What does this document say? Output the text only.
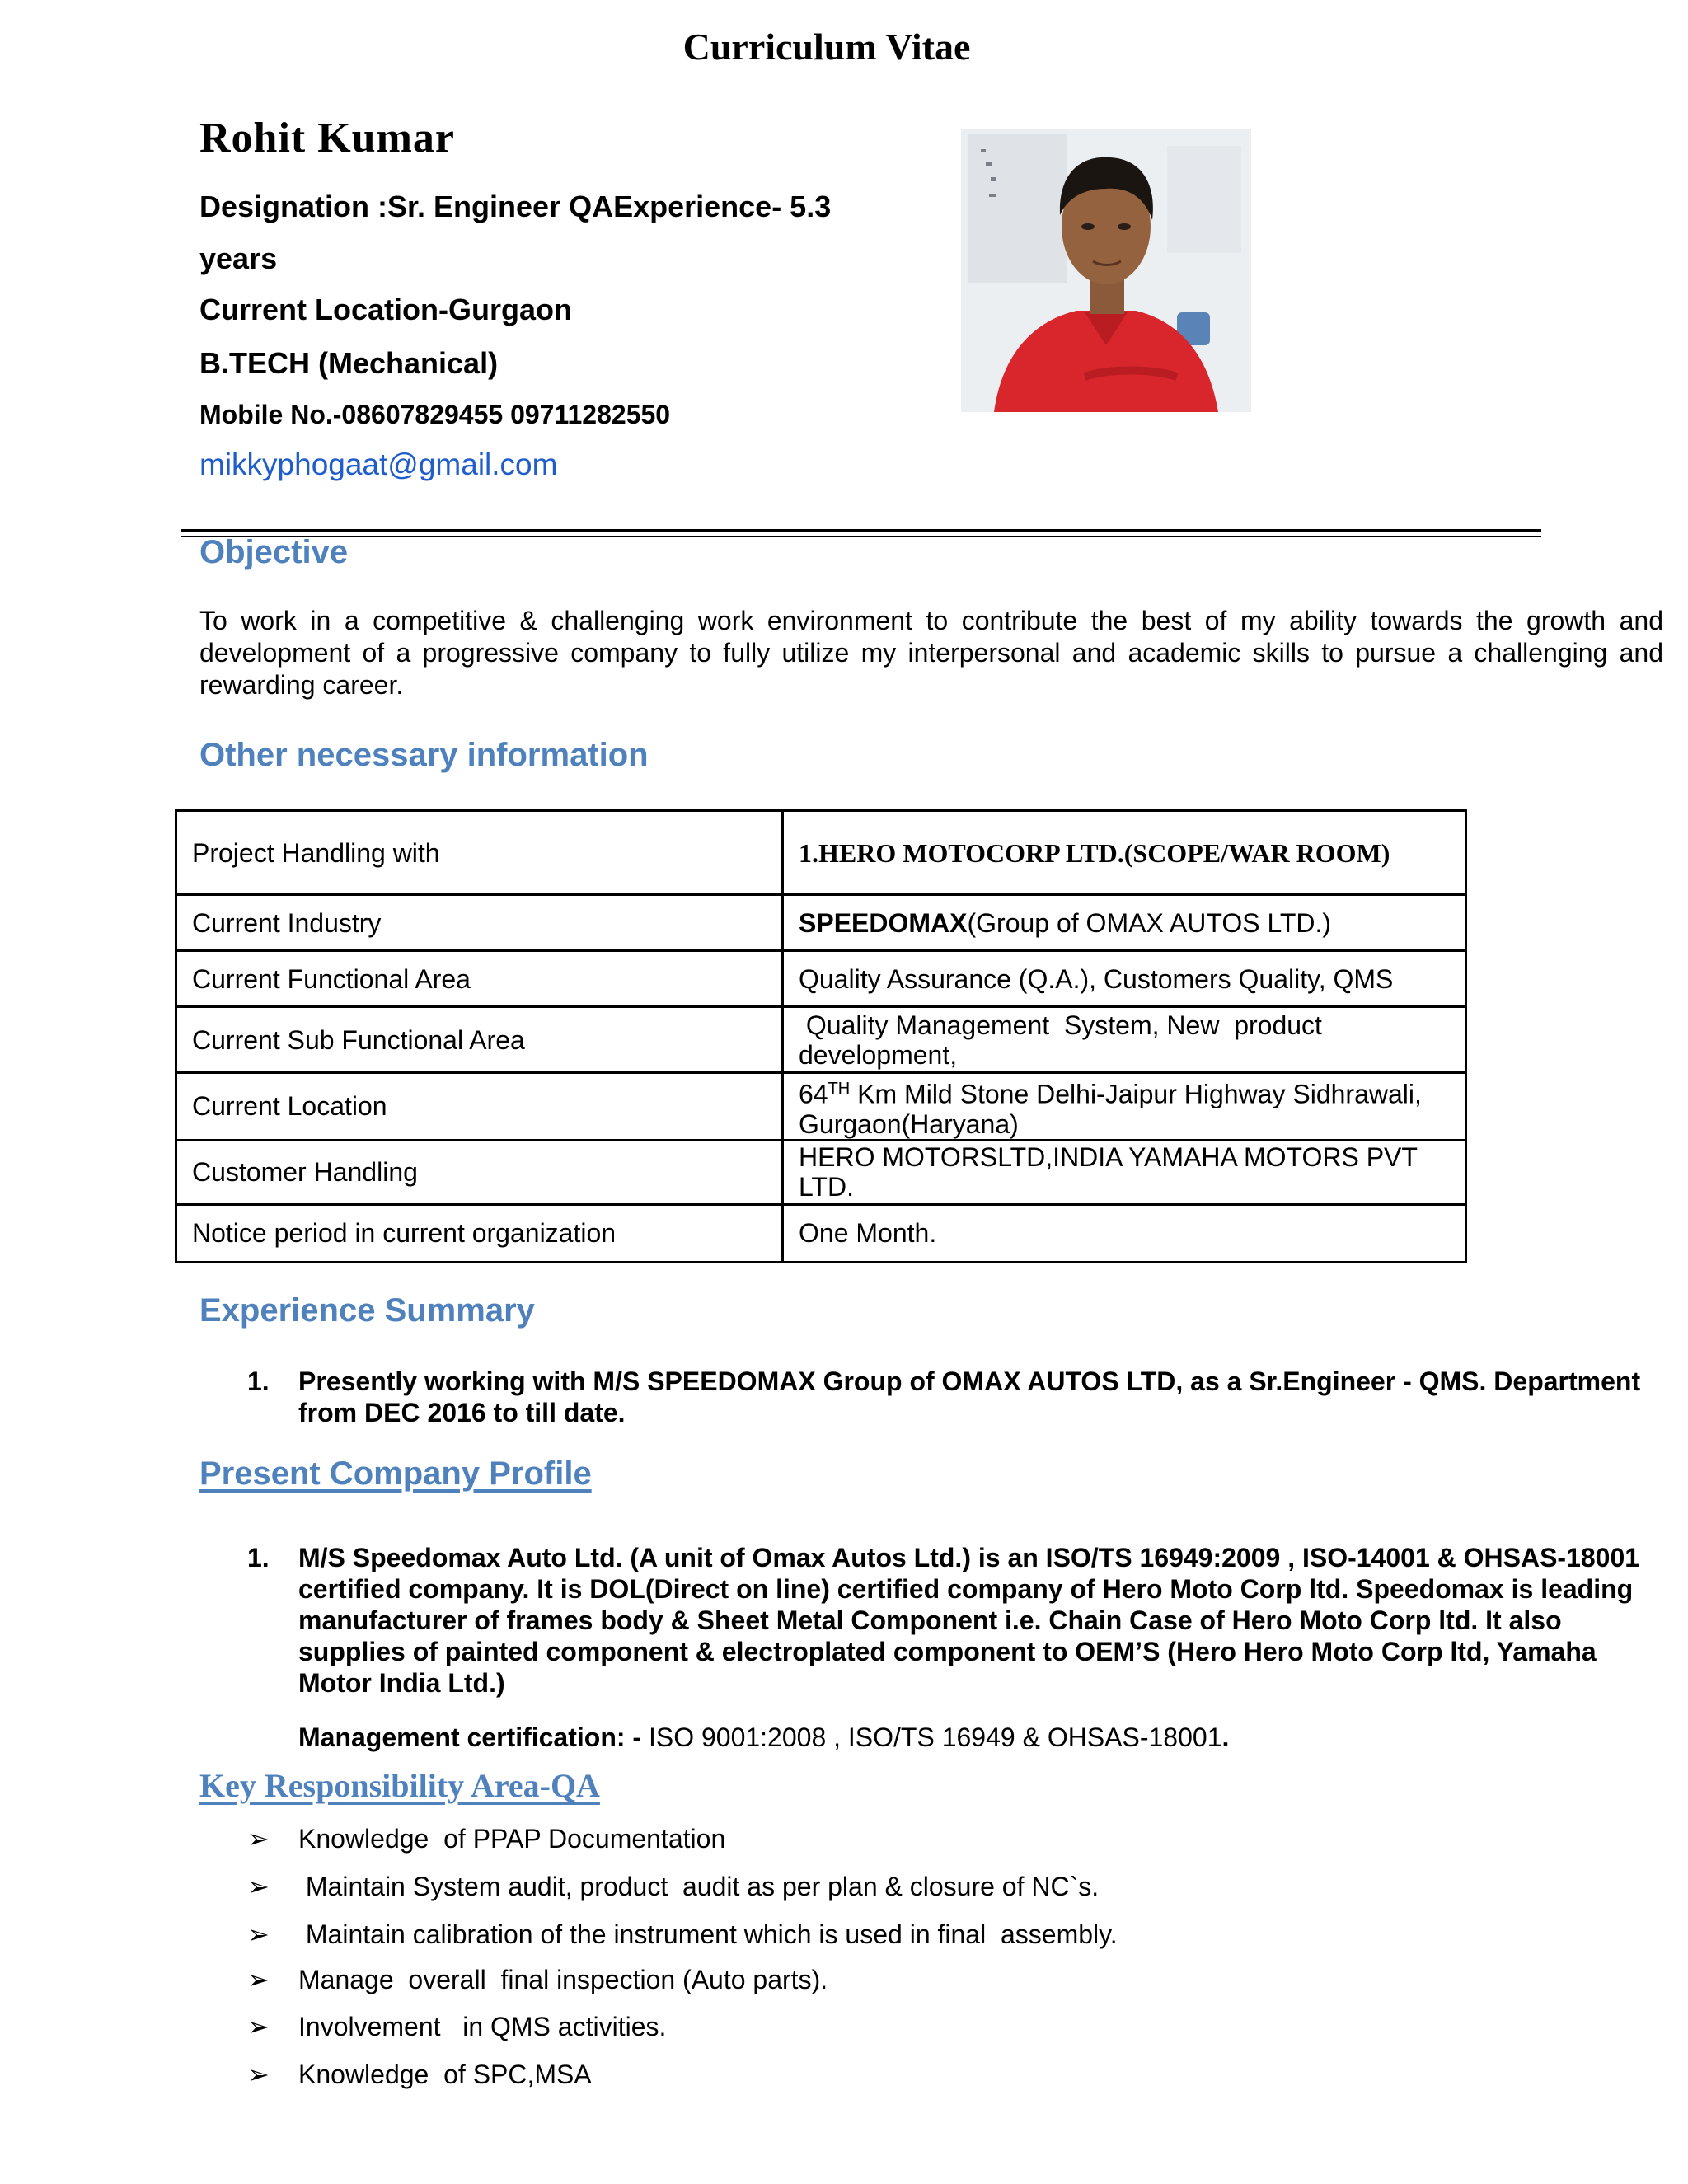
Curriculum Vitae
Rohit Kumar
Designation :Sr. Engineer QAExperience- 5.3
years
Current Location-Gurgaon
B.TECH (Mechanical)
Mobile No.-08607829455 09711282550
mikkyphogaat@gmail.com
Objective
To work in a competitive & challenging work environment to contribute the best of my ability towards the growth and development of a progressive company to fully utilize my interpersonal and academic skills to pursue a challenging and rewarding career.
Other necessary information
Project Handling with	1.HERO MOTOCORP LTD.(SCOPE/WAR ROOM)
Current Industry	SPEEDOMAX(Group of OMAX AUTOS LTD.)
Current Functional Area	Quality Assurance (Q.A.), Customers Quality, QMS
Current Sub Functional Area	Quality Management  System, New  product development,
Current Location	64TH Km Mild Stone Delhi-Jaipur Highway Sidhrawali, Gurgaon(Haryana)
Customer Handling	HERO MOTORSLTD,INDIA YAMAHA MOTORS PVT LTD.
Notice period in current organization	One Month.
Experience Summary
1. Presently working with M/S SPEEDOMAX Group of OMAX AUTOS LTD, as a Sr.Engineer - QMS. Department from DEC 2016 to till date.
Present Company Profile
1. M/S Speedomax Auto Ltd. (A unit of Omax Autos Ltd.) is an ISO/TS 16949:2009 , ISO-14001 & OHSAS-18001 certified company. It is DOL(Direct on line) certified company of Hero Moto Corp ltd. Speedomax is leading manufacturer of frames body & Sheet Metal Component i.e. Chain Case of Hero Moto Corp ltd. It also supplies of painted component & electroplated component to OEM’S (Hero Hero Moto Corp ltd, Yamaha Motor India Ltd.)
Management certification: - ISO 9001:2008 , ISO/TS 16949 & OHSAS-18001.
Key Responsibility Area-QA
➢ Knowledge  of PPAP Documentation
➢ Maintain System audit, product  audit as per plan & closure of NC`s.
➢ Maintain calibration of the instrument which is used in final  assembly.
➢ Manage  overall  final inspection (Auto parts).
➢ Involvement   in QMS activities.
➢ Knowledge  of SPC,MSA
